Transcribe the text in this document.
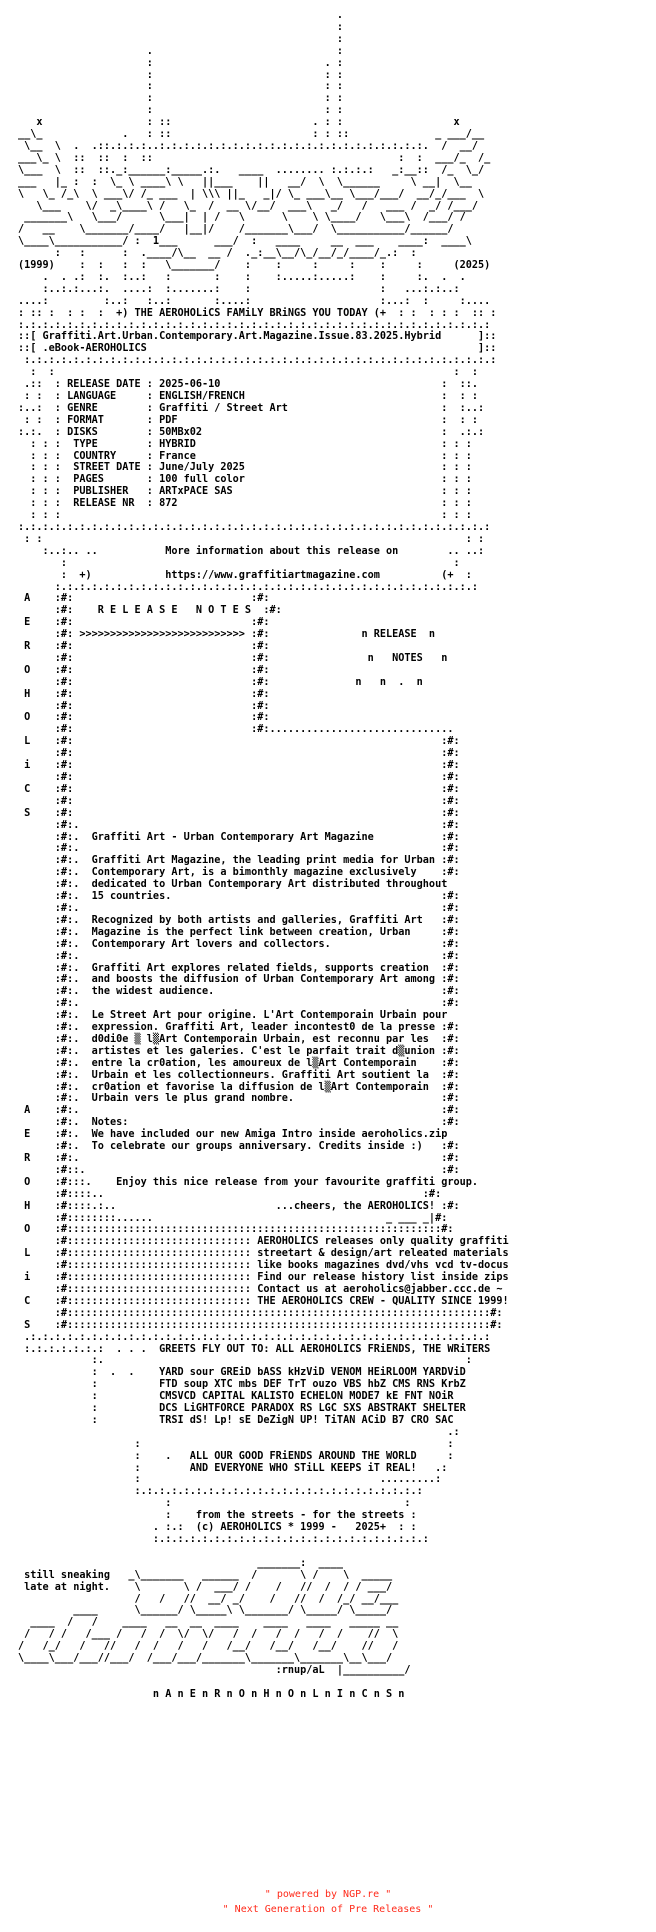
.
:
:
.                              :
:                            . :
:                            : :
:                            : :
:                            : :
:                            : :
x                 : ::                       . : :                  x
__\_             .   : ::                       : : ::              _ ___/__
\__  \  .  .::.:.:.:..:.:.:.:.:.:.:.:.:.:.:.:.:.:.:.:.:.:.:.:.:.:.  /  __/
___\_ \  ::  ::  :  ::                                        :  :  ___/_  /_
\___  \  ::  ::._:______:_____.:.   ____  ........ :.:.:.:   _:__::  /_  \_/
___   |_ :  :  \_ \ ____\ \   ||___    ||   __/  \  \______     \ __|  \__
\   \_ /_\  \ ___\/ /_ ___  | \\\ ||_   _|/ \_ ___\__ \___/___/  __/_/___  \
\___    \/  _\____\ /   \_  /  __ \/__/  ___\   _/   /   ___ /  _/ /___/
_______\   \___/      \___|  | /   \      \    \ \____/   \___\  /___/ /
/   __    \_______/____/   |__|/    /_______\___/  \___________/______/
\____\___________/ :  1___      ___/  :   ____     __  ___    ____:  ____\
:   :      :  .____/\__  __ /  ._:__\__/\_/__/_/____/_.:  :
(1999)    :  :   :  :   \_______/    :    :     :     :    :     :     (2025)
.  . .:  :.  :..:   :       :    :    :.....:.....:    :     :.  .  .
:..:.:...:.  ....:  :.......:    :                     :   ...:.:..:
....:         :..:   :..:       :....:                     :...:  :     :....
: :: :  : :  :  +) THE AEROHOLiCS FAMiLY BRiNGS YOU TODAY (+  : :  : : :  :: :
:.:.:.:.:.:.:.:.:.:.:.:.:.:.:.:.:.:.:.:.:.:.:.:.:.:.:.:.:.:.:.:.:.:.:.:.:.:.:
::[ Graffiti.Art.Urban.Contemporary.Art.Magazine.Issue.83.2025.Hybrid      ]::
::[ .eBook-AEROHOLICS                                                      ]::
:.:.:.:.:.:.:.:.:.:.:.:.:.:.:.:.:.:.:.:.:.:.:.:.:.:.:.:.:.:.:.:.:.:.:.:.:.:.:
:  :                                                                 :  :
.::  : RELEASE DATE : 2025-06-10                                    :  ::.
: :  : LANGUAGE     : ENGLISH/FRENCH                                :  : :
:..:  : GENRE        : Graffiti / Street Art                         :  :..:
: :  : FORMAT       : PDF                                           :  : :
:.:.  : DISKS        : 50MBx02                                       :  .:.:
: : :  TYPE        : HYBRID                                        : : :
: : :  COUNTRY     : France                                        : : :
: : :  STREET DATE : June/July 2025                                : : :
: : :  PAGES       : 100 full color                                : : :
: : :  PUBLISHER   : ARTxPACE SAS                                  : : :
: : :  RELEASE NR  : 872                                           : : :
: : :                                                              : : :
:.:.:.:.:.:.:.:.:.:.:.:.:.:.:.:.:.:.:.:.:.:.:.:.:.:.:.:.:.:.:.:.:.:.:.:.:.:.:
: :                                                                     : :
:..:.. ..           More information about this release on        .. ..:
:                                                               :
:  +)            https://www.graffitiartmagazine.com          (+  :
:.:.:.:.:.:.:.:.:.:.:.:.:.:.:.:.:.:.:.:.:.:.:.:.:.:.:.:.:.:.:.:.:.:.:
A    :#:                             :#:
:#:    R E L E A S E   N O T E S  :#:
E    :#:                             :#:
:#: >>>>>>>>>>>>>>>>>>>>>>>>>>> :#:               n RELEASE  n
R    :#:                             :#:
:#:                             :#:                n   NOTES   n
O    :#:                             :#:
:#:                             :#:              n   n  .  n
H    :#:                             :#:
:#:                             :#:
O    :#:                             :#:
:#:                             :#:..............................
L    :#:                                                            :#:
:#:                                                            :#:
i    :#:                                                            :#:
:#:                                                            :#:
C    :#:                                                            :#:
:#:                                                            :#:
S    :#:                                                            :#:
:#:.                                                           :#:
:#:.  Graffiti Art - Urban Contemporary Art Magazine           :#:
:#:.                                                           :#:
:#:.  Graffiti Art Magazine, the leading print media for Urban :#:
:#:.  Contemporary Art, is a bimonthly magazine exclusively    :#:
:#:.  dedicated to Urban Contemporary Art distributed throughout
:#:.  15 countries.                                            :#:
:#:.                                                           :#:
:#:.  Recognized by both artists and galleries, Graffiti Art   :#:
:#:.  Magazine is the perfect link between creation, Urban     :#:
:#:.  Contemporary Art lovers and collectors.                  :#:
:#:.                                                           :#:
:#:.  Graffiti Art explores related fields, supports creation  :#:
:#:.  and boosts the diffusion of Urban Contemporary Art among :#:
:#:.  the widest audience.                                     :#:
:#:.                                                           :#:
:#:.  Le Street Art pour origine. L'Art Contemporain Urbain pour
:#:.  expression. Graffiti Art, leader incontest0 de la presse :#:
:#:.  d0di0e ▒ l▒Art Contemporain Urbain, est reconnu par les  :#:
:#:.  artistes et les galeries. C'est le parfait trait d▒union :#:
:#:.  entre la cr0ation, les amoureux de l▒Art Contemporain    :#:
:#:.  Urbain et les collectionneurs. Graffiti Art soutient la  :#:
:#:.  cr0ation et favorise la diffusion de l▒Art Contemporain  :#:
:#:.  Urbain vers le plus grand nombre.                        :#:
A    :#:.                                                           :#:
:#:.  Notes:                                                   :#:
E    :#:.  We have included our new Amiga Intro inside aeroholics.zip
:#:.  To celebrate our groups anniversary. Credits inside :)   :#:
R    :#:.                                                           :#:
:#::.                                                          :#:
O    :#:::.    Enjoy this nice release from your favourite graffiti group.
:#::::..                                                    :#:
H    :#::::.:..                          ...cheers, the AEROHOLICS! :#:
:#::::::::......                                      _ ___ _|#:
O    :#:::::::::::::::::::::::::::::::::::::::::::::::::::::::::::::#:
:#:::::::::::::::::::::::::::::: AEROHOLICS releases only quality graffiti
L    :#:::::::::::::::::::::::::::::: streetart & design/art releated materials
:#:::::::::::::::::::::::::::::: like books magazines dvd/vhs vcd tv-docus
i    :#:::::::::::::::::::::::::::::: Find our release history list inside zips
:#:::::::::::::::::::::::::::::: Contact us at aeroholics@jabber.ccc.de ~
C    :#:::::::::::::::::::::::::::::: THE AEROHOLICS CREW - QUALITY SINCE 1999!
:#:::::::::::::::::::::::::::::::::::::::::::::::::::::::::::::::::::::#:
S    :#:::::::::::::::::::::::::::::::::::::::::::::::::::::::::::::::::::::#:
.:.:.:.:.:.:.:.:.:.:.:.:.:.:.:.:.:.:.:.:.:.:.:.:.:.:.:.:.:.:.:.:.:.:.:.:.:.:
:.:.:.:.:.:.:  . . .  GREETS FLY OUT TO: ALL AEROHOLICS FRiENDS, THE WRiTERS
:.                                                           :
:  .  .    YARD sour GREiD bASS kHzViD VENOM HEiRLOOM YARDViD
:          FTD soup XTC mbs DEF TrT ouzo VBS hbZ CMS RNS KrbZ
:          CMSVCD CAPITAL KALISTO ECHELON MODE7 kE FNT NOiR
:          DCS LiGHTFORCE PARADOX RS LGC SXS ABSTRAKT SHELTER
:          TRSI dS! Lp! sE DeZigN UP! TiTAN ACiD B7 CRO SAC
.:
:                                                  :
:    .   ALL OUR GOOD FRiENDS AROUND THE WORLD     :
:        AND EVERYONE WHO STiLL KEEPS iT REAL!   .:
:                                       .........:
:.:.:.:.:.:.:.:.:.:.:.:.:.:.:.:.:.:.:.:.:.:.:.:
:                                      :
:    from the streets - for the streets :
. :.:  (c) AEROHOLICS * 1999 -   2025+  : :
:.:.:.:.:.:.:.:.:.:.:.:.:.:.:.:.:.:.:.:.:.:.:

_______:  ____
still sneaking   _\_______   ______  /       \ /    \  _____
late at night.    \       \ /  ___/ /    /   //  /  / / ___/
/   /   //  __/ _/    /   //  /  /_/ __/___
____      \______/ \_____\ \_______/ \_____/ \_____/
____  /   /    ____   __  __  ____    ____   ____   _____ __
/   / /   /___ /   /  /  \/  \/   /  /   /  /   /  /    //  \
/   /_/   /   //   /  /   /   /   /__/   /__/   /__/    //   /
\____\___/___//___/  /___/___/_______\_______\_______\__\___/
:rnup/aL  |__________/

n A n E n R n O n H n O n L n I n C n S n

" powered by NGP.re "
" Next Generation of Pre Releases "
